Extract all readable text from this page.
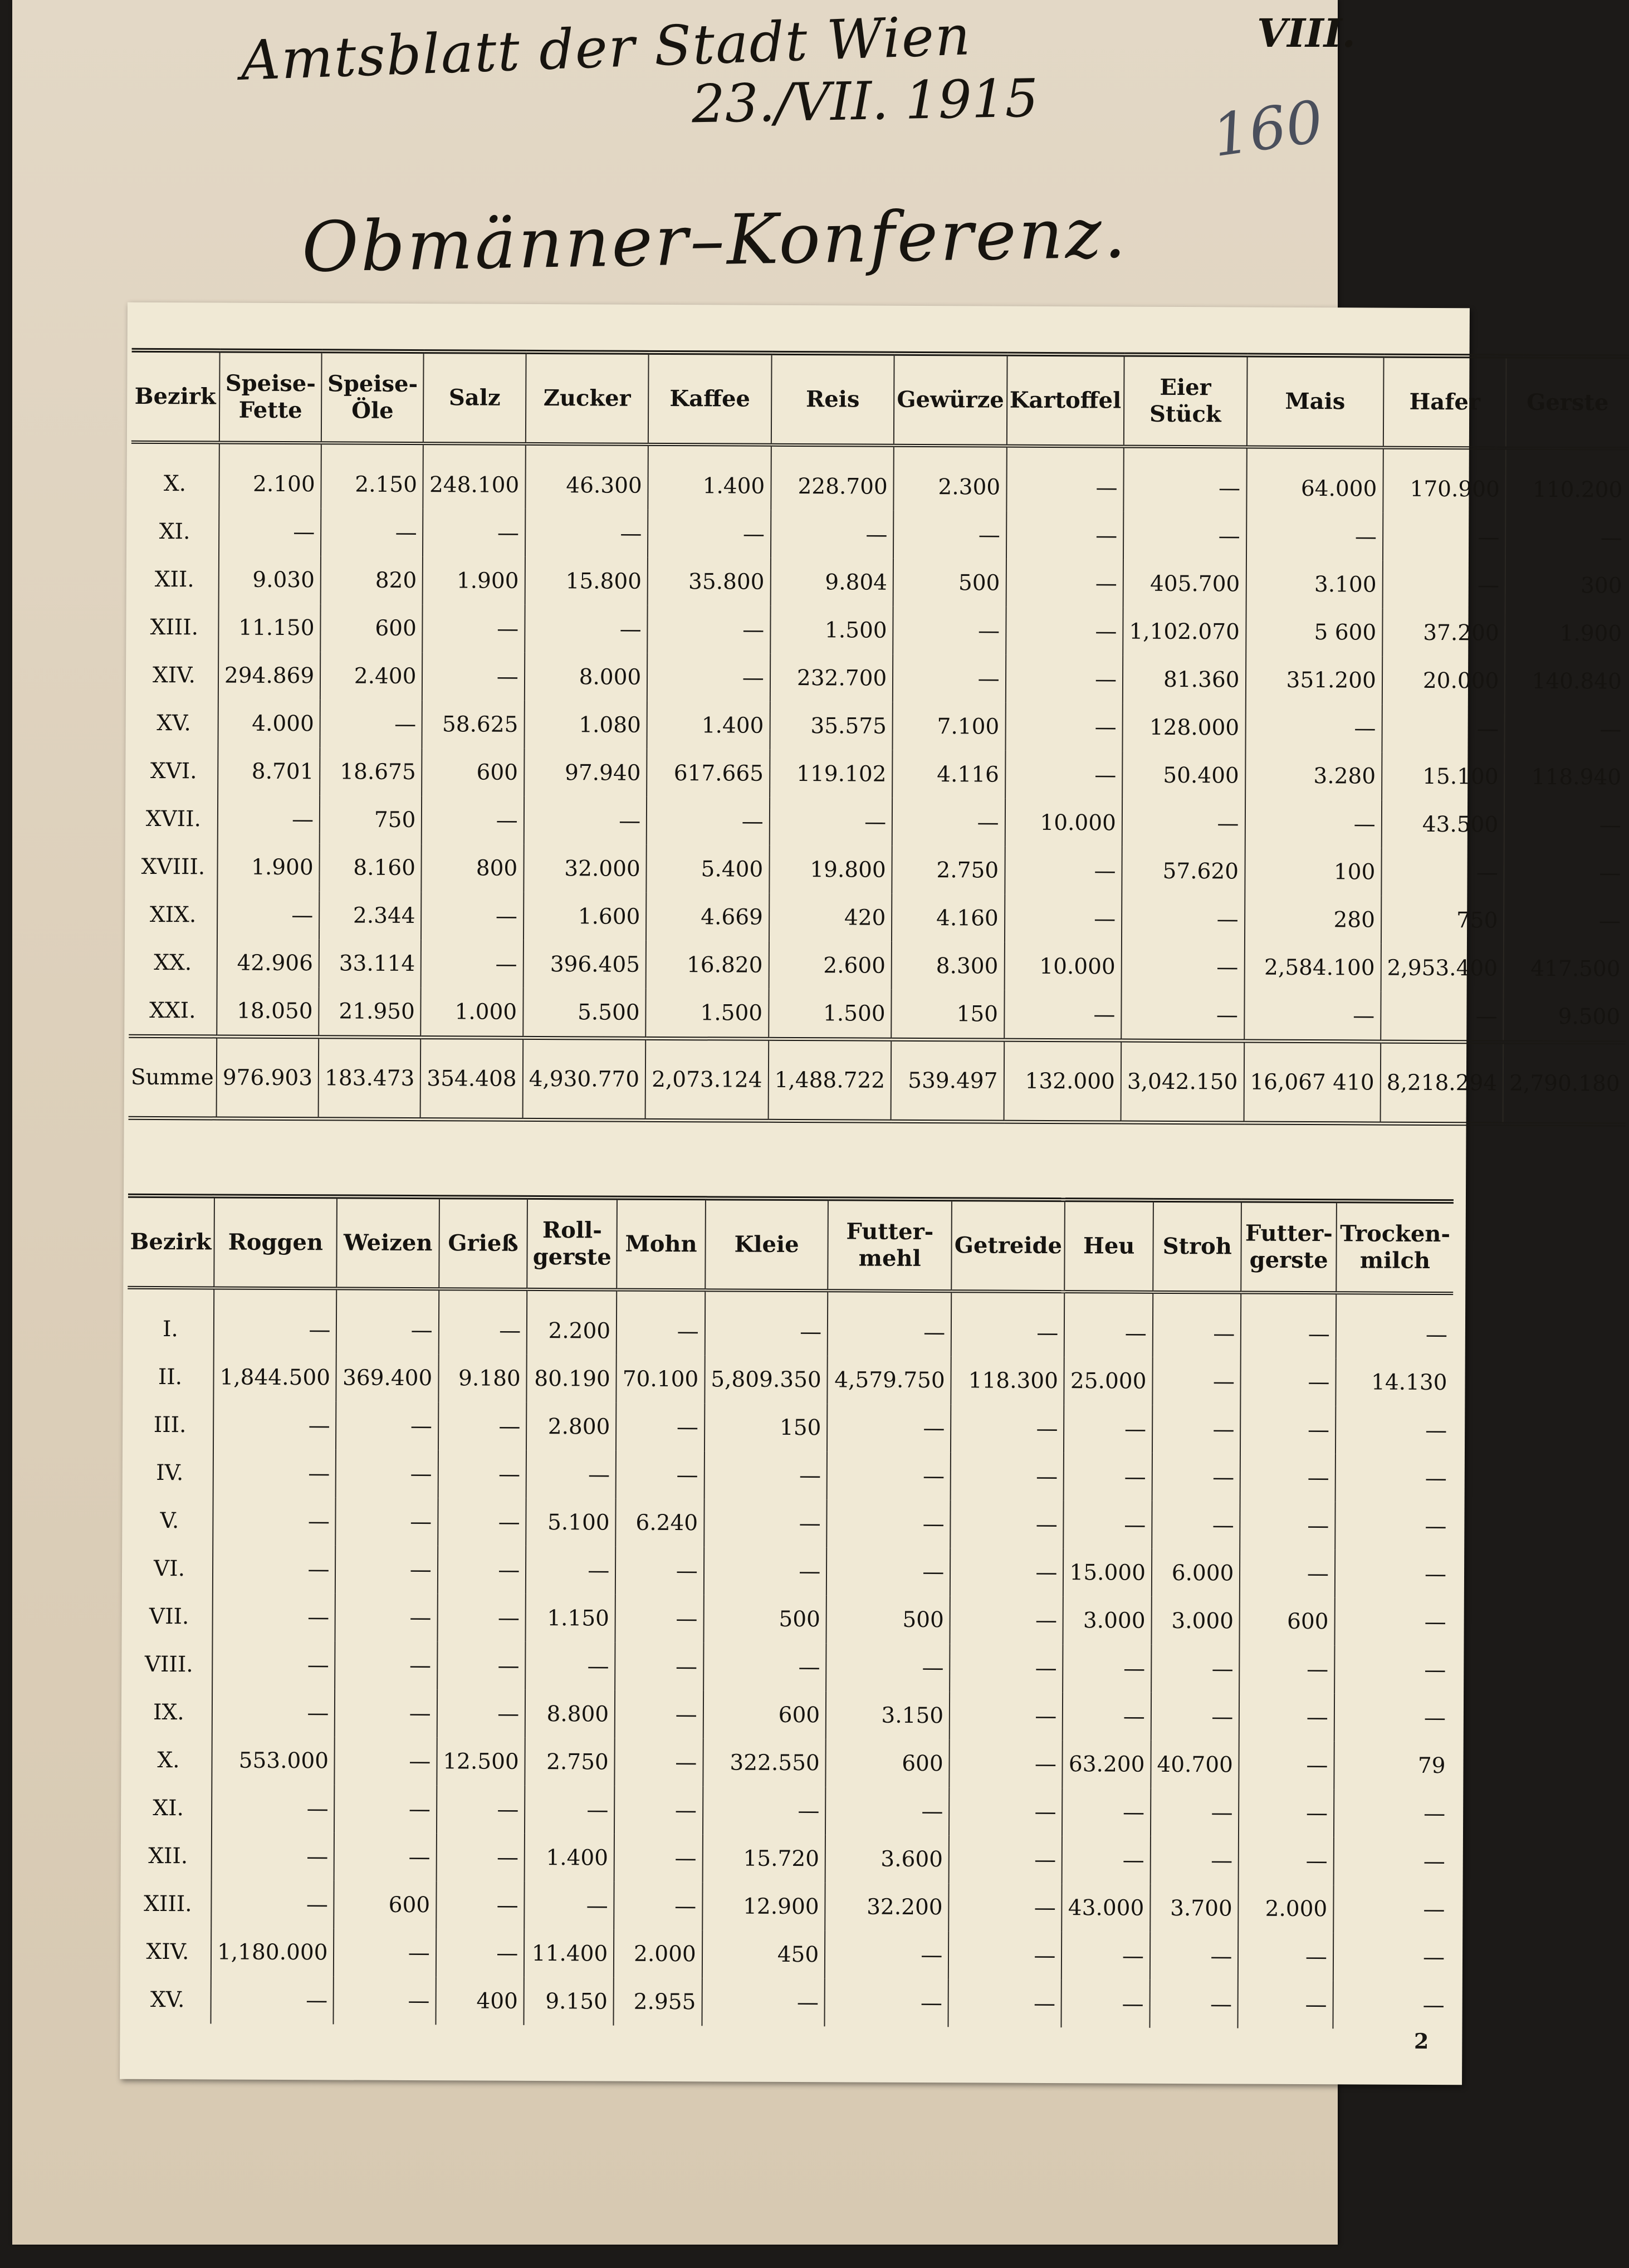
Amtsblatt der Stadt Wien
23./VII. 1915
VIII.
160
Obmänner–Konferenz.
Bezirk	Speise-Fette	Speise-Öle	Salz	Zucker	Kaffee	Reis	Gewürze	Kartoffel	Eier Stück	Mais	Hafer	Gerste
X.	2.100	2.150	248.100	46.300	1.400	228.700	2.300	—	—	64.000	170.900	110.200
XI.	—	—	—	—	—	—	—	—	—	—	—	—
XII.	9.030	820	1.900	15.800	35.800	9.804	500	—	405.700	3.100	—	300
XIII.	11.150	600	—	—	—	1.500	—	—	1,102.070	5 600	37.200	1.900
XIV.	294.869	2.400	—	8.000	—	232.700	—	—	81.360	351.200	20.000	140.840
XV.	4.000	—	58.625	1.080	1.400	35.575	7.100	—	128.000	—	—	—
XVI.	8.701	18.675	600	97.940	617.665	119.102	4.116	—	50.400	3.280	15.100	118.940
XVII.	—	750	—	—	—	—	—	10.000	—	—	43.500	—
XVIII.	1.900	8.160	800	32.000	5.400	19.800	2.750	—	57.620	100	—	—
XIX.	—	2.344	—	1.600	4.669	420	4.160	—	—	280	750	—
XX.	42.906	33.114	—	396.405	16.820	2.600	8.300	10.000	—	2,584.100	2,953.400	417.500
XXI.	18.050	21.950	1.000	5.500	1.500	1.500	150	—	—	—	—	9.500
Summe	976.903	183.473	354.408	4,930.770	2,073.124	1,488.722	539.497	132.000	3,042.150	16,067 410	8,218.294	2,790.180
Bezirk	Roggen	Weizen	Grieß	Roll-gerste	Mohn	Kleie	Futter-mehl	Getreide	Heu	Stroh	Futter-gerste	Trocken-milch
I.	—	—	—	2.200	—	—	—	—	—	—	—	—
II.	1,844.500	369.400	9.180	80.190	70.100	5,809.350	4,579.750	118.300	25.000	—	—	14.130
III.	—	—	—	2.800	—	150	—	—	—	—	—	—
IV.	—	—	—	—	—	—	—	—	—	—	—	—
V.	—	—	—	5.100	6.240	—	—	—	—	—	—	—
VI.	—	—	—	—	—	—	—	—	15.000	6.000	—	—
VII.	—	—	—	1.150	—	500	500	—	3.000	3.000	600	—
VIII.	—	—	—	—	—	—	—	—	—	—	—	—
IX.	—	—	—	8.800	—	600	3.150	—	—	—	—	—
X.	553.000	—	12.500	2.750	—	322.550	600	—	63.200	40.700	—	79
XI.	—	—	—	—	—	—	—	—	—	—	—	—
XII.	—	—	—	1.400	—	15.720	3.600	—	—	—	—	—
XIII.	—	600	—	—	—	12.900	32.200	—	43.000	3.700	2.000	—
XIV.	1,180.000	—	—	11.400	2.000	450	—	—	—	—	—	—
XV.	—	—	400	9.150	2.955	—	—	—	—	—	—	—
2
